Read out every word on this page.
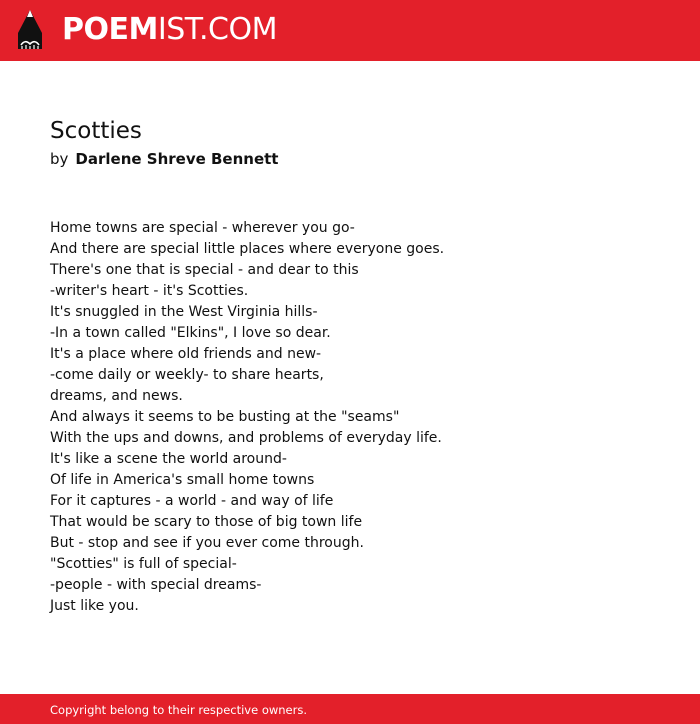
POEMIST.COM
Scotties
by Darlene Shreve Bennett
Home towns are special - wherever you go-
And there are special little places where everyone goes.
There's one that is special - and dear to this
-writer's heart - it's Scotties.
It's snuggled in the West Virginia hills-
-In a town called "Elkins", I love so dear.
It's a place where old friends and new-
-come daily or weekly- to share hearts,
dreams, and news.
And always it seems to be busting at the "seams"
With the ups and downs, and problems of everyday life.
It's like a scene the world around-
Of life in America's small home towns
For it captures - a world - and way of life
That would be scary to those of big town life
But - stop and see if you ever come through.
"Scotties" is full of special-
-people - with special dreams-
Just like you.
Copyright belong to their respective owners.
